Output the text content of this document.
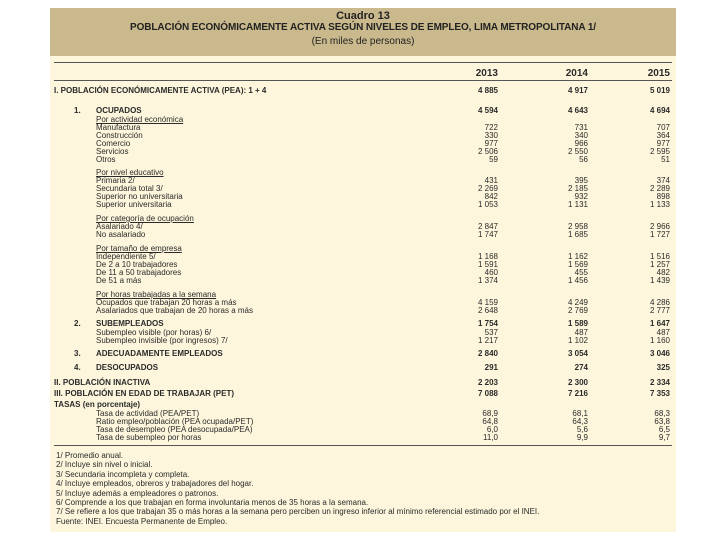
Cuadro 13
POBLACIÓN ECONÓMICAMENTE ACTIVA SEGÚN NIVELES DE EMPLEO, LIMA METROPOLITANA 1/
(En miles de personas)
2013	2014	2015
I. POBLACIÓN ECONÓMICAMENTE ACTIVA (PEA): 1 + 4	4 885	4 917	5 019
1. OCUPADOS	4 594	4 643	4 694
Por actividad económica
Manufactura	722	731	707
Construcción	330	340	364
Comercio	977	966	977
Servicios	2 506	2 550	2 595
Otros	59	56	51
Por nivel educativo
Primaria 2/	431	395	374
Secundaria total 3/	2 269	2 185	2 289
Superior no universitaria	842	932	898
Superior universitaria	1 053	1 131	1 133
Por categoría de ocupación
Asalariado 4/	2 847	2 958	2 966
No asalariado	1 747	1 685	1 727
Por tamaño de empresa
Independiente 5/	1 168	1 162	1 516
De 2 a 10 trabajadores	1 591	1 569	1 257
De 11 a 50 trabajadores	460	455	482
De 51 a más	1 374	1 456	1 439
Por horas trabajadas a la semana
Ocupados que trabajan 20 horas a más	4 159	4 249	4 286
Asalariados que trabajan de 20 horas a más	2 648	2 769	2 777
2. SUBEMPLEADOS	1 754	1 589	1 647
Subempleo visible (por horas) 6/	537	487	487
Subempleo invisible (por ingresos) 7/	1 217	1 102	1 160
3. ADECUADAMENTE EMPLEADOS	2 840	3 054	3 046
4. DESOCUPADOS	291	274	325
II. POBLACIÓN INACTIVA	2 203	2 300	2 334
III. POBLACIÓN EN EDAD DE TRABAJAR (PET)	7 088	7 216	7 353
TASAS (en porcentaje)
Tasa de actividad (PEA/PET)	68,9	68,1	68,3
Ratio empleo/población (PEA ocupada/PET)	64,8	64,3	63,8
Tasa de desempleo (PEA desocupada/PEA)	6,0	5,6	6,5
Tasa de subempleo por horas	11,0	9,9	9,7
1/ Promedio anual.
2/ Incluye sin nivel o inicial.
3/ Secundaria incompleta y completa.
4/ Incluye empleados, obreros y trabajadores del hogar.
5/ Incluye además a empleadores o patronos.
6/ Comprende a los que trabajan en forma involuntaria menos de 35 horas a la semana.
7/ Se refiere a los que trabajan 35 o más horas a la semana pero perciben un ingreso inferior al mínimo referencial estimado por el INEI.
Fuente: INEI. Encuesta Permanente de Empleo.
